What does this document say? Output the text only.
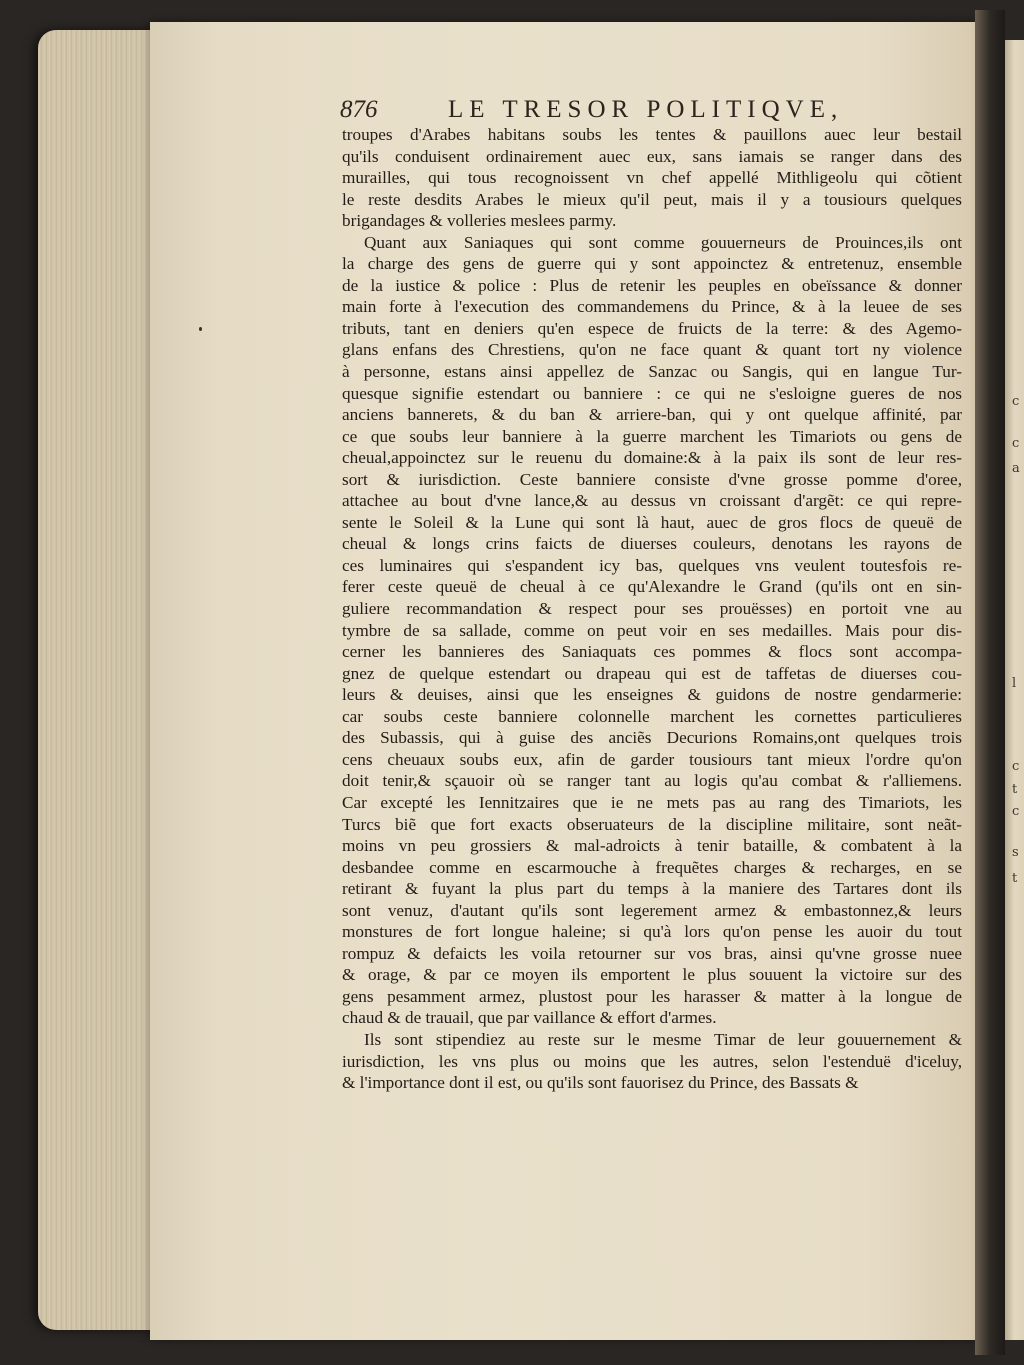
c
c
a
l
c
t
c
s
t
876	LE TRESOR POLITIQVE,
troupes d'Arabes habitans soubs les tentes & pauillons auec leur bestail
qu'ils conduisent ordinairement auec eux, sans iamais se ranger dans des
murailles, qui tous recognoissent vn chef appellé Mithligeolu qui cõtient
le reste desdits Arabes le mieux qu'il peut, mais il y a tousiours quelques
brigandages & volleries meslees parmy.
Quant aux Saniaques qui sont comme gouuerneurs de Prouinces,ils ont
la charge des gens de guerre qui y sont appoinctez & entretenuz, ensemble
de la iustice & police : Plus de retenir les peuples en obeïssance & donner
main forte à l'execution des commandemens du Prince, & à la leuee de ses
tributs, tant en deniers qu'en espece de fruicts de la terre: & des Agemo-
glans enfans des Chrestiens, qu'on ne face quant & quant tort ny violence
à personne, estans ainsi appellez de Sanzac ou Sangis, qui en langue Tur-
quesque signifie estendart ou banniere : ce qui ne s'esloigne gueres de nos
anciens bannerets, & du ban & arriere-ban, qui y ont quelque affinité, par
ce que soubs leur banniere à la guerre marchent les Timariots ou gens de
cheual,appoinctez sur le reuenu du domaine:& à la paix ils sont de leur res-
sort & iurisdiction. Ceste banniere consiste d'vne grosse pomme d'oree,
attachee au bout d'vne lance,& au dessus vn croissant d'argẽt: ce qui repre-
sente le Soleil & la Lune qui sont là haut, auec de gros flocs de queuë de
cheual & longs crins faicts de diuerses couleurs, denotans les rayons de
ces luminaires qui s'espandent icy bas, quelques vns veulent toutesfois re-
ferer ceste queuë de cheual à ce qu'Alexandre le Grand (qu'ils ont en sin-
guliere recommandation & respect pour ses prouësses) en portoit vne au
tymbre de sa sallade, comme on peut voir en ses medailles. Mais pour dis-
cerner les bannieres des Saniaquats ces pommes & flocs sont accompa-
gnez de quelque estendart ou drapeau qui est de taffetas de diuerses cou-
leurs & deuises, ainsi que les enseignes & guidons de nostre gendarmerie:
car soubs ceste banniere colonnelle marchent les cornettes particulieres
des Subassis, qui à guise des anciẽs Decurions Romains,ont quelques trois
cens cheuaux soubs eux, afin de garder tousiours tant mieux l'ordre qu'on
doit tenir,& sçauoir où se ranger tant au logis qu'au combat & r'alliemens.
Car excepté les Iennitzaires que ie ne mets pas au rang des Timariots, les
Turcs biẽ que fort exacts obseruateurs de la discipline militaire, sont neãt-
moins vn peu grossiers & mal-adroicts à tenir bataille, & combatent à la
desbandee comme en escarmouche à frequẽtes charges & recharges, en se
retirant & fuyant la plus part du temps à la maniere des Tartares dont ils
sont venuz, d'autant qu'ils sont legerement armez & embastonnez,& leurs
monstures de fort longue haleine; si qu'à lors qu'on pense les auoir du tout
rompuz & defaicts les voila retourner sur vos bras, ainsi qu'vne grosse nuee
& orage, & par ce moyen ils emportent le plus souuent la victoire sur des
gens pesamment armez, plustost pour les harasser & matter à la longue de
chaud & de trauail, que par vaillance & effort d'armes.
Ils sont stipendiez au reste sur le mesme Timar de leur gouuernement &
iurisdiction, les vns plus ou moins que les autres, selon l'estenduë d'iceluy,
& l'importance dont il est, ou qu'ils sont fauorisez du Prince, des Bassats &
